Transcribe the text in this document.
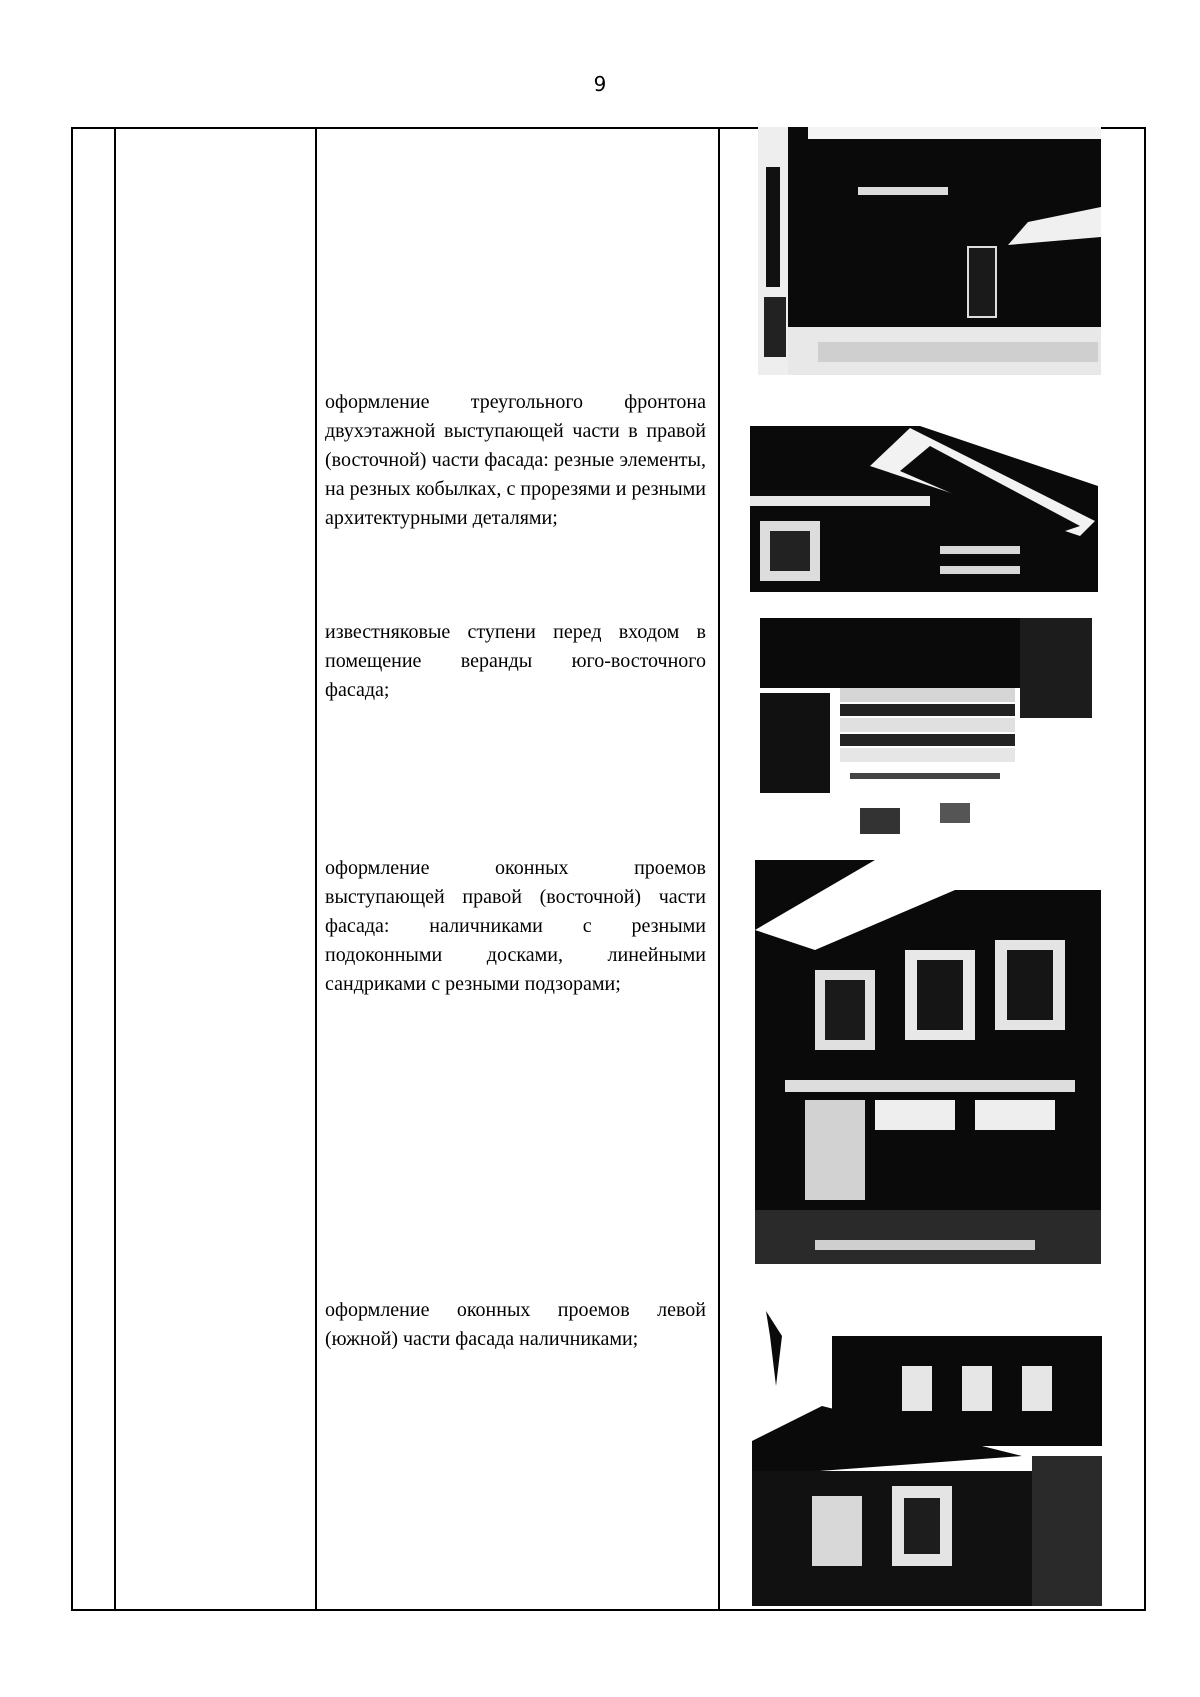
9
оформление треугольного фронтона двухэтажной выступающей части в правой (восточной) части фасада: резные элементы, на резных кобылках, с прорезями и резными архитектурными деталями;
известняковые ступени перед входом в помещение веранды юго-восточного фасада;
оформление оконных проемов выступающей правой (восточной) части фасада: наличниками с резными подоконными досками, линейными сандриками с резными подзорами;
оформление оконных проемов левой (южной) части фасада наличниками;
